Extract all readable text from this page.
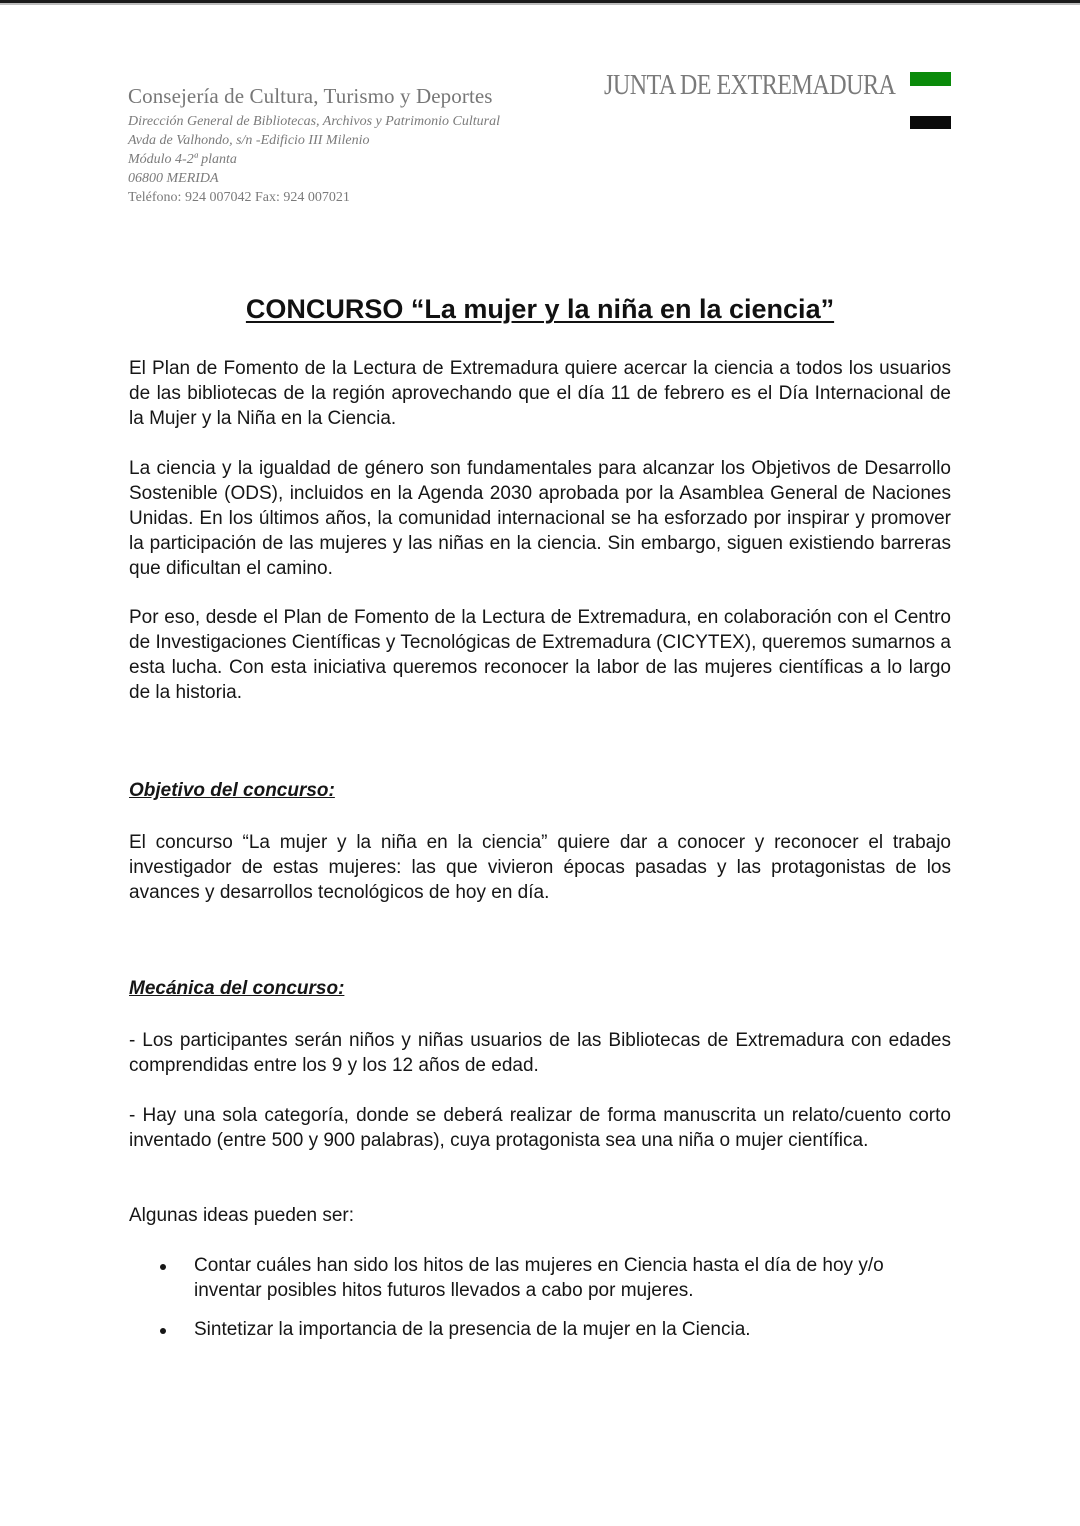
Consejería de Cultura, Turismo y Deportes
Dirección General de Bibliotecas, Archivos y Patrimonio Cultural
Avda de Valhondo, s/n -Edificio III Milenio
Módulo 4-2ª planta
06800 MERIDA
Teléfono: 924 007042 Fax: 924 007021
JUNTA DE EXTREMADURA
CONCURSO “La mujer y la niña en la ciencia”
El Plan de Fomento de la Lectura de Extremadura quiere acercar la ciencia a todos los usuarios de las bibliotecas de la región aprovechando que el día 11 de febrero es el Día Internacional de la Mujer y la Niña en la Ciencia.
La ciencia y la igualdad de género son fundamentales para alcanzar los Objetivos de Desarrollo Sostenible (ODS), incluidos en la Agenda 2030 aprobada por la Asamblea General de Naciones Unidas. En los últimos años, la comunidad internacional se ha esforzado por inspirar y promover la participación de las mujeres y las niñas en la ciencia. Sin embargo, siguen existiendo barreras que dificultan el camino.
Por eso, desde el Plan de Fomento de la Lectura de Extremadura, en colaboración con el Centro de Investigaciones Científicas y Tecnológicas de Extremadura (CICYTEX), queremos sumarnos a esta lucha. Con esta iniciativa queremos reconocer la labor de las mujeres científicas a lo largo de la historia.
Objetivo del concurso:
El concurso “La mujer y la niña en la ciencia” quiere dar a conocer y reconocer el trabajo investigador de estas mujeres: las que vivieron épocas pasadas y las protagonistas de los avances y desarrollos tecnológicos de hoy en día.
Mecánica del concurso:
- Los participantes serán niños y niñas usuarios de las Bibliotecas de Extremadura con edades comprendidas entre los 9 y los 12 años de edad.
- Hay una sola categoría, donde se deberá realizar de forma manuscrita un relato/cuento corto inventado (entre 500 y 900 palabras), cuya protagonista sea una niña o mujer científica.
Algunas ideas pueden ser:
Contar cuáles han sido los hitos de las mujeres en Ciencia hasta el día de hoy y/o inventar posibles hitos futuros llevados a cabo por mujeres.
Sintetizar la importancia de la presencia de la mujer en la Ciencia.
